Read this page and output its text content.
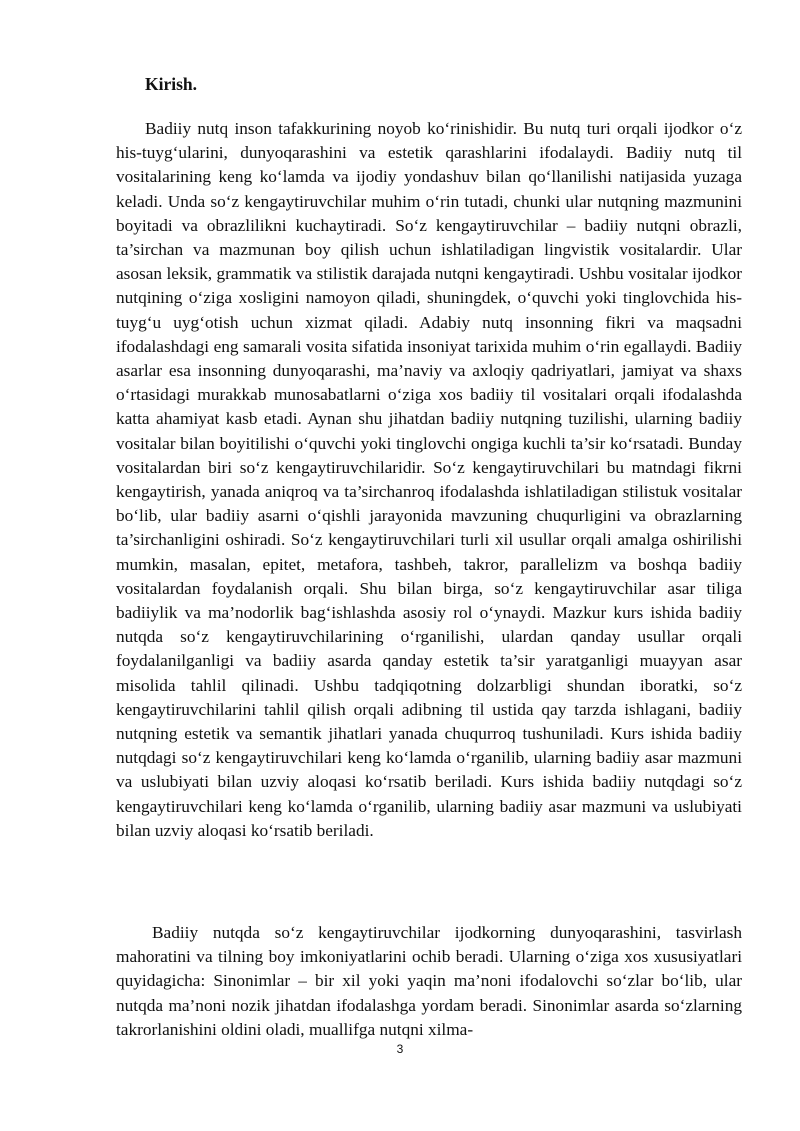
Kirish.

Badiiy nutq inson tafakkurining noyob ko‘rinishidir. Bu nutq turi orqali ijodkor o‘z his-tuyg‘ularini, dunyoqarashini va estetik qarashlarini ifodalaydi. Badiiy nutq til vositalarining keng ko‘lamda va ijodiy yondashuv bilan qo‘llanilishi natijasida yuzaga keladi. Unda so‘z kengaytiruvchilar muhim o‘rin tutadi, chunki ular nutqning mazmunini boyitadi va obrazlilikni kuchaytiradi. So‘z kengaytiruvchilar – badiiy nutqni obrazli, ta’sirchan va mazmunan boy qilish uchun ishlatiladigan lingvistik vositalardir. Ular asosan leksik, grammatik va stilistik darajada nutqni kengaytiradi. Ushbu vositalar ijodkor nutqining o‘ziga xosligini namoyon qiladi, shuningdek, o‘quvchi yoki tinglovchida his-tuyg‘u uyg‘otish uchun xizmat qiladi. Adabiy nutq insonning fikri va maqsadni ifodalashdagi eng samarali vosita sifatida insoniyat tarixida muhim o‘rin egallaydi. Badiiy asarlar esa insonning dunyoqarashi, ma’naviy va axloqiy qadriyatlari, jamiyat va shaxs o‘rtasidagi murakkab munosabatlarni o‘ziga xos badiiy til vositalari orqali ifodalashda katta ahamiyat kasb etadi. Aynan shu jihatdan badiiy nutqning tuzilishi, ularning badiiy vositalar bilan boyitilishi o‘quvchi yoki tinglovchi ongiga kuchli ta’sir ko‘rsatadi. Bunday vositalardan biri so‘z kengaytiruvchilaridir. So‘z kengaytiruvchilari bu matndagi fikrni kengaytirish, yanada aniqroq va ta’sirchanroq ifodalashda ishlatiladigan stilistuk vositalar bo‘lib, ular badiiy asarni o‘qishli jarayonida mavzuning chuqurligini va obrazlarning ta’sirchanligini oshiradi. So‘z kengaytiruvchilari turli xil usullar orqali amalga oshirilishi mumkin, masalan, epitet, metafora, tashbeh, takror, parallelizm va boshqa badiiy vositalardan foydalanish orqali. Shu bilan birga, so‘z kengaytiruvchilar asar tiliga badiiylik va ma’nodorlik bag‘ishlashda asosiy rol o‘ynaydi. Mazkur kurs ishida badiiy nutqda so‘z kengaytiruvchilarining o‘rganilishi, ulardan qanday usullar orqali foydalanilganligi va badiiy asarda qanday estetik ta’sir yaratganligi muayyan asar misolida tahlil qilinadi. Ushbu tadqiqotning dolzarbligi shundan iboratki, so‘z kengaytiruvchilarini tahlil qilish orqali adibning til ustida qay tarzda ishlagani, badiiy nutqning estetik va semantik jihatlari yanada chuqurroq tushuniladi. Kurs ishida badiiy nutqdagi so‘z kengaytiruvchilari keng ko‘lamda o‘rganilib, ularning badiiy asar mazmuni va uslubiyati bilan uzviy aloqasi ko‘rsatib beriladi. Kurs ishida badiiy nutqdagi so‘z kengaytiruvchilari keng ko‘lamda o‘rganilib, ularning badiiy asar mazmuni va uslubiyati bilan uzviy aloqasi ko‘rsatib beriladi.

Badiiy nutqda so‘z kengaytiruvchilar ijodkorning dunyoqarashini, tasvirlash mahoratini va tilning boy imkoniyatlarini ochib beradi. Ularning o‘ziga xos xususiyatlari quyidagicha: Sinonimlar – bir xil yoki yaqin ma’noni ifodalovchi so‘zlar bo‘lib, ular nutqda ma’noni nozik jihatdan ifodalashga yordam beradi. Sinonimlar asarda so‘zlarning takrorlanishini oldini oladi, muallifga nutqni xilma-

3
